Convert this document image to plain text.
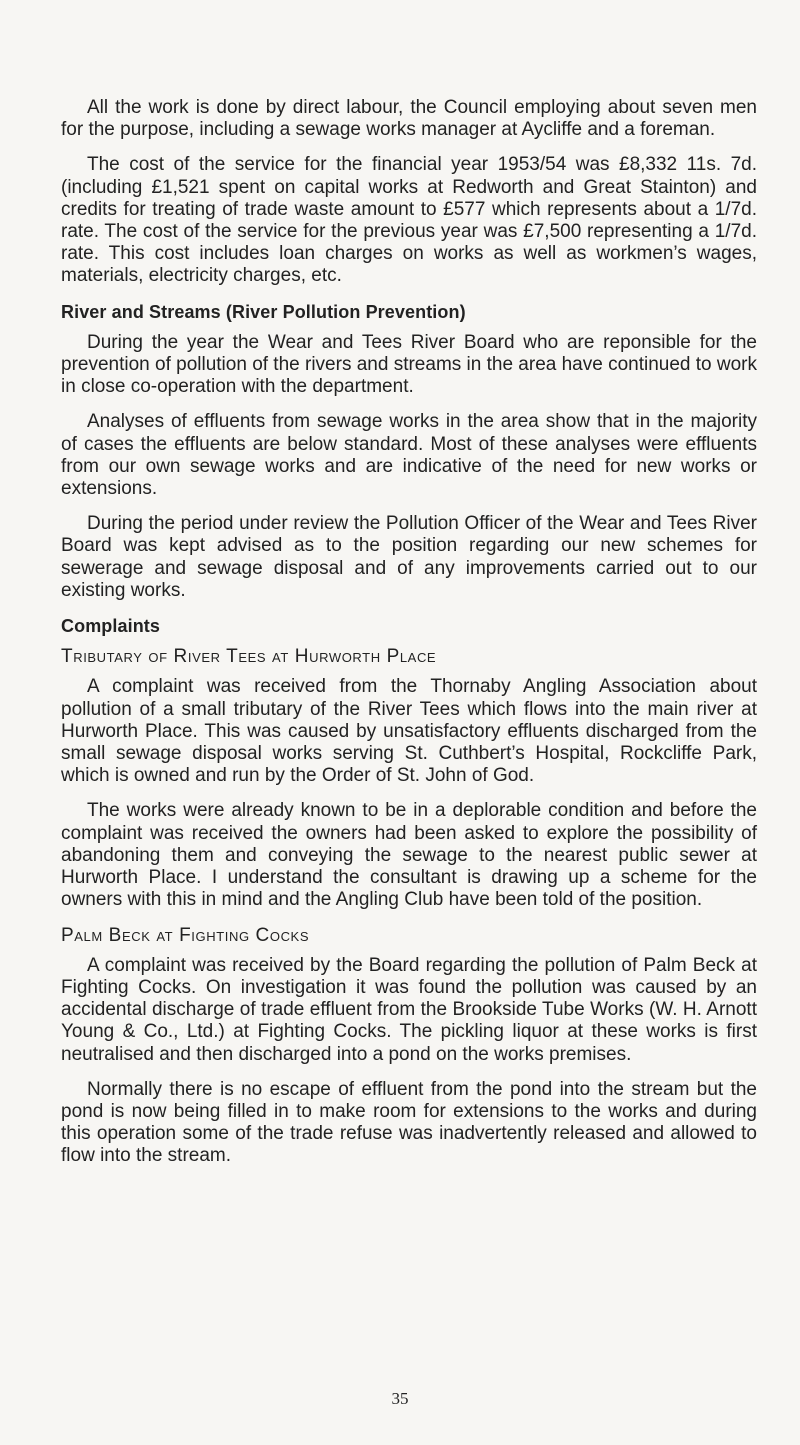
All the work is done by direct labour, the Council employing about seven men for the purpose, including a sewage works manager at Aycliffe and a foreman.

The cost of the service for the financial year 1953/54 was £8,332 11s. 7d. (including £1,521 spent on capital works at Redworth and Great Stainton) and credits for treating of trade waste amount to £577 which represents about a 1/7d. rate. The cost of the service for the previous year was £7,500 representing a 1/7d. rate. This cost includes loan charges on works as well as workmen’s wages, materials, electricity charges, etc.

River and Streams (River Pollution Prevention)

During the year the Wear and Tees River Board who are reponsible for the prevention of pollution of the rivers and streams in the area have continued to work in close co-operation with the department.

Analyses of effluents from sewage works in the area show that in the majority of cases the effluents are below standard. Most of these analyses were effluents from our own sewage works and are indicative of the need for new works or extensions.

During the period under review the Pollution Officer of the Wear and Tees River Board was kept advised as to the position regarding our new schemes for sewerage and sewage disposal and of any improvements carried out to our existing works.

Complaints
Tributary of River Tees at Hurworth Place

A complaint was received from the Thornaby Angling Association about pollution of a small tributary of the River Tees which flows into the main river at Hurworth Place. This was caused by unsatisfactory effluents discharged from the small sewage disposal works serving St. Cuthbert’s Hospital, Rockcliffe Park, which is owned and run by the Order of St. John of God.

The works were already known to be in a deplorable condition and before the complaint was received the owners had been asked to explore the possibility of abandoning them and conveying the sewage to the nearest public sewer at Hurworth Place. I understand the consultant is drawing up a scheme for the owners with this in mind and the Angling Club have been told of the position.

Palm Beck at Fighting Cocks

A complaint was received by the Board regarding the pollution of Palm Beck at Fighting Cocks. On investigation it was found the pollution was caused by an accidental discharge of trade effluent from the Brookside Tube Works (W. H. Arnott Young & Co., Ltd.) at Fighting Cocks. The pickling liquor at these works is first neutralised and then discharged into a pond on the works premises.

Normally there is no escape of effluent from the pond into the stream but the pond is now being filled in to make room for extensions to the works and during this operation some of the trade refuse was inadvertently released and allowed to flow into the stream.

35
